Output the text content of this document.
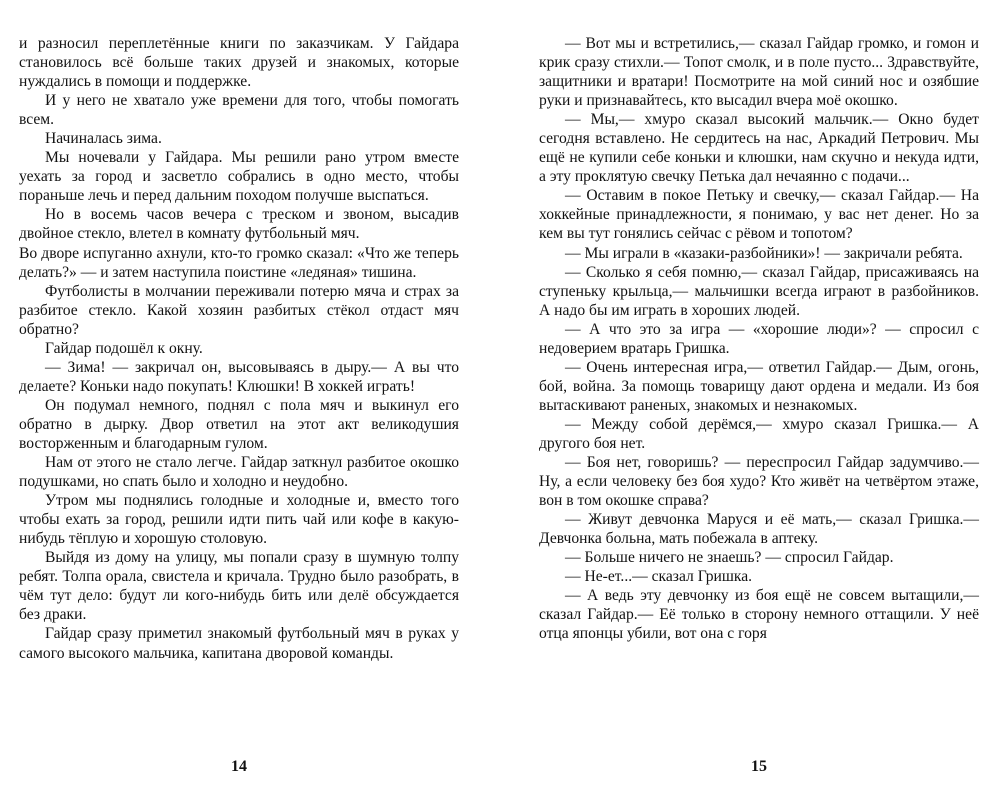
и разносил переплетённые книги по заказчикам. У Гайдара становилось всё больше таких друзей и знакомых, которые нуждались в помощи и поддержке.

И у него не хватало уже времени для того, чтобы помогать всем.

Начиналась зима.

Мы ночевали у Гайдара. Мы решили рано утром вместе уехать за город и засветло собрались в одно место, чтобы пораньше лечь и перед дальним походом получше выспаться.

Но в восемь часов вечера с треском и звоном, высадив двойное стекло, влетел в комнату футбольный мяч.

Во дворе испуганно ахнули, кто-то громко сказал: «Что же теперь делать?» — и затем наступила поистине «ледяная» тишина.

Футболисты в молчании переживали потерю мяча и страх за разбитое стекло. Какой хозяин разбитых стёкол отдаст мяч обратно?

Гайдар подошёл к окну.

— Зима! — закричал он, высовываясь в дыру.— А вы что делаете? Коньки надо покупать! Клюшки! В хоккей играть!

Он подумал немного, поднял с пола мяч и выкинул его обратно в дырку. Двор ответил на этот акт великодушия восторженным и благодарным гулом.

Нам от этого не стало легче. Гайдар заткнул разбитое окошко подушками, но спать было и холодно и неудобно.

Утром мы поднялись голодные и холодные и, вместо того чтобы ехать за город, решили идти пить чай или кофе в какую-нибудь тёплую и хорошую столовую.

Выйдя из дому на улицу, мы попали сразу в шумную толпу ребят. Толпа орала, свистела и кричала. Трудно было разобрать, в чём тут дело: будут ли кого-нибудь бить или делё обсуждается без драки.

Гайдар сразу приметил знакомый футбольный мяч в руках у самого высокого мальчика, капитана дворовой команды.

14

— Вот мы и встретились,— сказал Гайдар громко, и гомон и крик сразу стихли.— Топот смолк, и в поле пусто... Здравствуйте, защитники и вратари! Посмотрите на мой синий нос и озябшие руки и признавайтесь, кто высадил вчера моё окошко.

— Мы,— хмуро сказал высокий мальчик.— Окно будет сегодня вставлено. Не сердитесь на нас, Аркадий Петрович. Мы ещё не купили себе коньки и клюшки, нам скучно и некуда идти, а эту проклятую свечку Петька дал нечаянно с подачи...

— Оставим в покое Петьку и свечку,— сказал Гайдар.— На хоккейные принадлежности, я понимаю, у вас нет денег. Но за кем вы тут гонялись сейчас с рёвом и топотом?

— Мы играли в «казаки-разбойники»! — закричали ребята.

— Сколько я себя помню,— сказал Гайдар, присаживаясь на ступеньку крыльца,— мальчишки всегда играют в разбойников. А надо бы им играть в хороших людей.

— А что это за игра — «хорошие люди»? — спросил с недоверием вратарь Гришка.

— Очень интересная игра,— ответил Гайдар.— Дым, огонь, бой, война. За помощь товарищу дают ордена и медали. Из боя вытаскивают раненых, знакомых и незнакомых.

— Между собой дерёмся,— хмуро сказал Гришка.— А другого боя нет.

— Боя нет, говоришь? — переспросил Гайдар задумчиво.— Ну, а если человеку без боя худо? Кто живёт на четвёртом этаже, вон в том окошке справа?

— Живут девчонка Маруся и её мать,— сказал Гришка.— Девчонка больна, мать побежала в аптеку.

— Больше ничего не знаешь? — спросил Гайдар.

— Не-ет...— сказал Гришка.

— А ведь эту девчонку из боя ещё не совсем вытащили,— сказал Гайдар.— Её только в сторону немного оттащили. У неё отца японцы убили, вот она с горя

15
